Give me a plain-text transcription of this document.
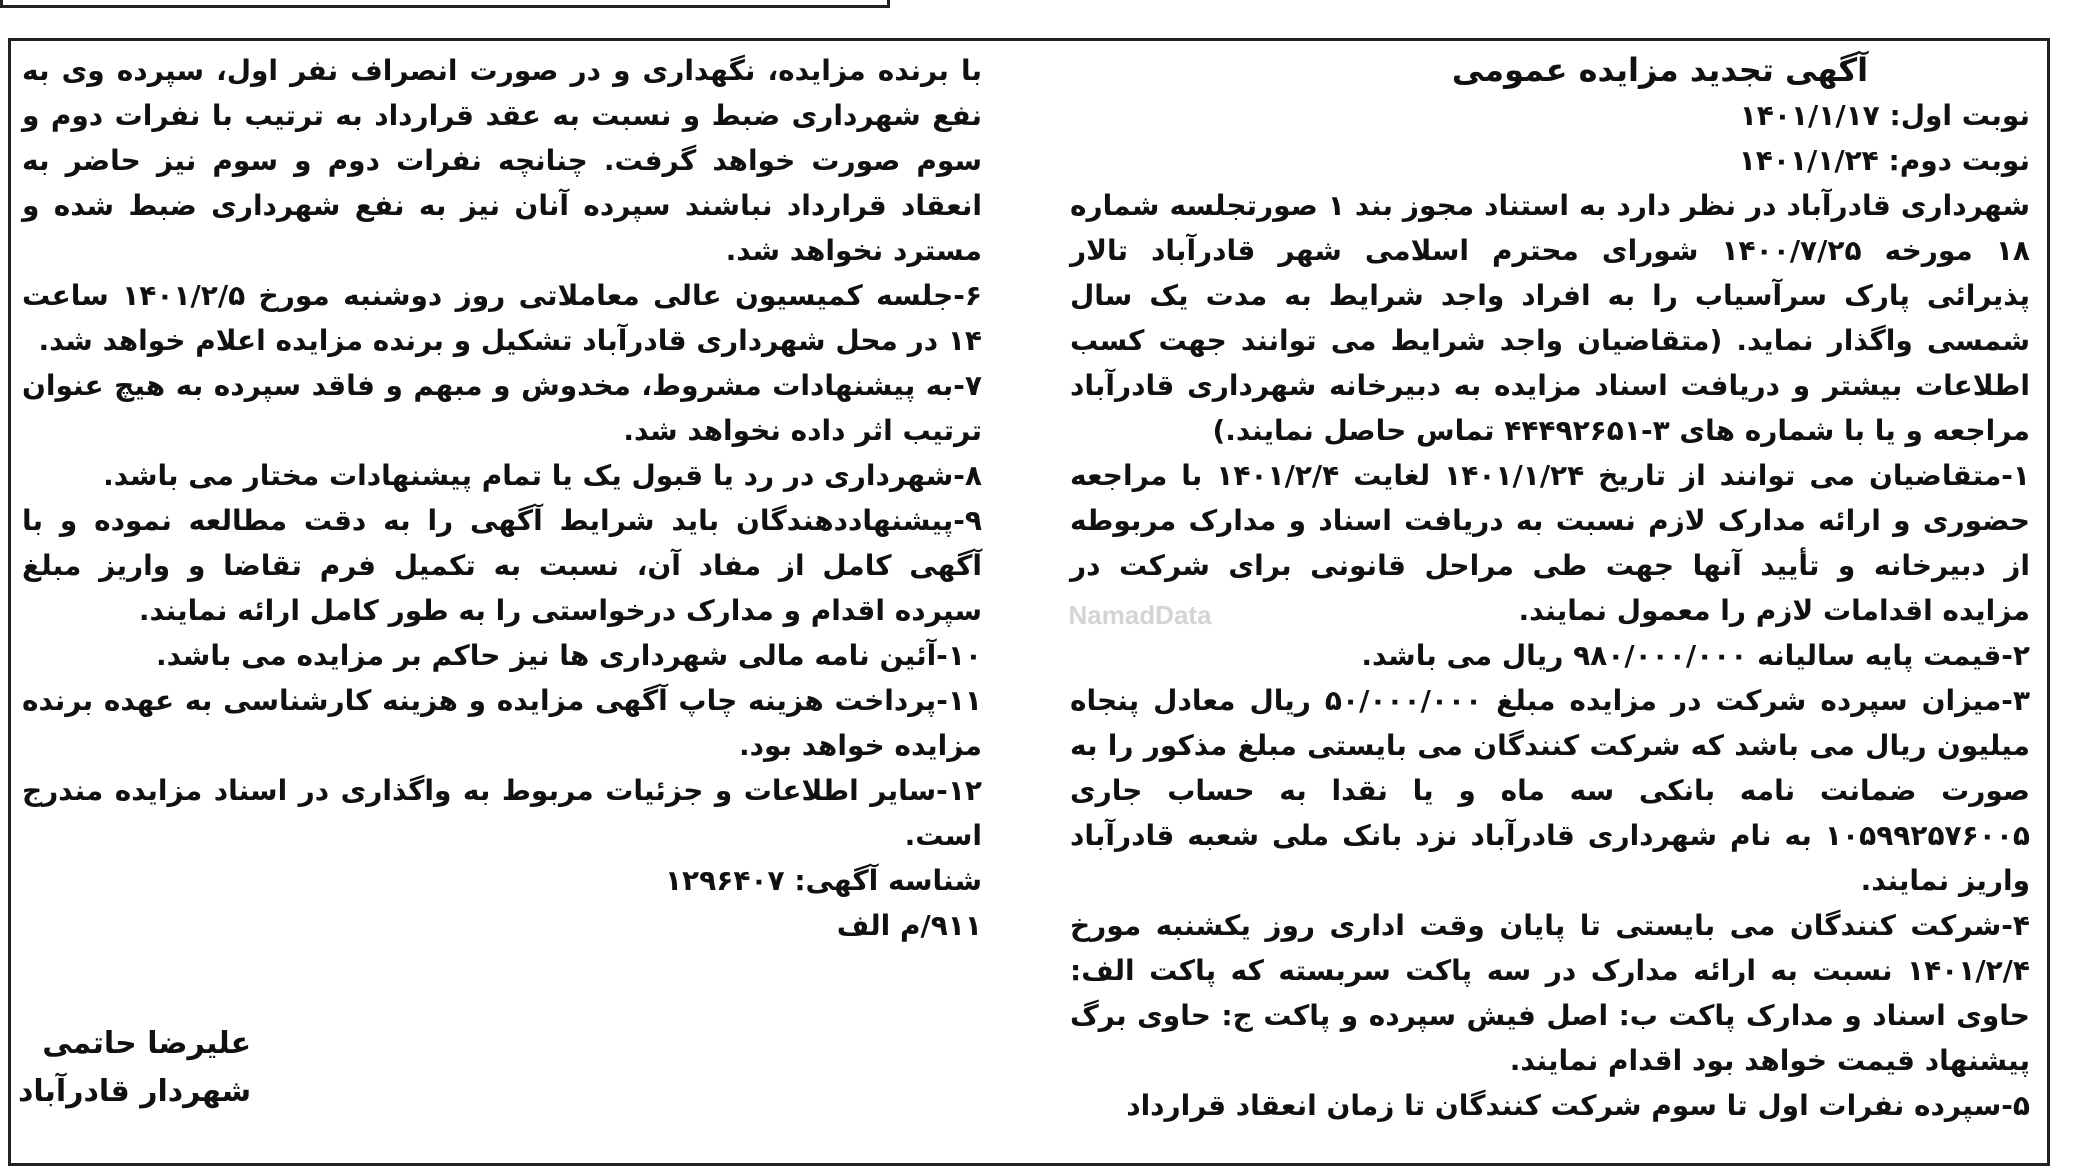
آگهی تجدید مزایده عمومی

نوبت اول: ۱۴۰۱/۱/۱۷

نوبت دوم: ۱۴۰۱/۱/۲۴

شهرداری قادرآباد در نظر دارد به استناد مجوز بند ۱ صورتجلسه شماره ۱۸ مورخه ۱۴۰۰/۷/۲۵ شورای محترم اسلامی شهر قادرآباد تالار پذیرائی پارک سرآسیاب را به افراد واجد شرایط به مدت یک سال شمسی واگذار نماید. (متقاضیان واجد شرایط می توانند جهت کسب اطلاعات بیشتر و دریافت اسناد مزایده به دبیرخانه شهرداری قادرآباد مراجعه و یا با شماره های ۳-۴۴۴۹۲۶۵۱ تماس حاصل نمایند.)

۱-متقاضیان می توانند از تاریخ ۱۴۰۱/۱/۲۴ لغایت ۱۴۰۱/۲/۴ با مراجعه حضوری و ارائه مدارک لازم نسبت به دریافت اسناد و مدارک مربوطه از دبیرخانه و تأیید آنها جهت طی مراحل قانونی برای شرکت در مزایده اقدامات لازم را معمول نمایند.

۲-قیمت پایه سالیانه ۹۸۰/۰۰۰/۰۰۰ ریال می باشد.

۳-میزان سپرده شرکت در مزایده مبلغ ۵۰/۰۰۰/۰۰۰ ریال معادل پنجاه میلیون ریال می باشد که شرکت کنندگان می بایستی مبلغ مذکور را به صورت ضمانت نامه بانکی سه ماه و یا نقدا به حساب جاری ۱۰۵۹۹۲۵۷۶۰۰۵ به نام شهرداری قادرآباد نزد بانک ملی شعبه قادرآباد واریز نمایند.

۴-شرکت کنندگان می بایستی تا پایان وقت اداری روز یکشنبه مورخ ۱۴۰۱/۲/۴ نسبت به ارائه مدارک در سه پاکت سربسته که پاکت الف: حاوی اسناد و مدارک پاکت ب: اصل فیش سپرده و پاکت ج: حاوی برگ پیشنهاد قیمت خواهد بود اقدام نمایند.

۵-سپرده نفرات اول تا سوم شرکت کنندگان تا زمان انعقاد قرارداد

با برنده مزایده، نگهداری و در صورت انصراف نفر اول، سپرده وی به نفع شهرداری ضبط و نسبت به عقد قرارداد به ترتیب با نفرات دوم و سوم صورت خواهد گرفت. چنانچه نفرات دوم و سوم نیز حاضر به انعقاد قرارداد نباشند سپرده آنان نیز به نفع شهرداری ضبط شده و مسترد نخواهد شد.

۶-جلسه کمیسیون عالی معاملاتی روز دوشنبه مورخ ۱۴۰۱/۲/۵ ساعت ۱۴ در محل شهرداری قادرآباد تشکیل و برنده مزایده اعلام خواهد شد.

۷-به پیشنهادات مشروط، مخدوش و مبهم و فاقد سپرده به هیچ عنوان ترتیب اثر داده نخواهد شد.

۸-شهرداری در رد یا قبول یک یا تمام پیشنهادات مختار می باشد.

۹-پیشنهاددهندگان باید شرایط آگهی را به دقت مطالعه نموده و با آگهی کامل از مفاد آن، نسبت به تکمیل فرم تقاضا و واریز مبلغ سپرده اقدام و مدارک درخواستی را به طور کامل ارائه نمایند.

۱۰-آئین نامه مالی شهرداری ها نیز حاکم بر مزایده می باشد.

۱۱-پرداخت هزینه چاپ آگهی مزایده و هزینه کارشناسی به عهده برنده مزایده خواهد بود.

۱۲-سایر اطلاعات و جزئیات مربوط به واگذاری در اسناد مزایده مندرج است.

شناسه آگهی: ۱۲۹۶۴۰۷

۹۱۱/م الف

علیرضا حاتمی
شهردار قادرآباد
NamadData
